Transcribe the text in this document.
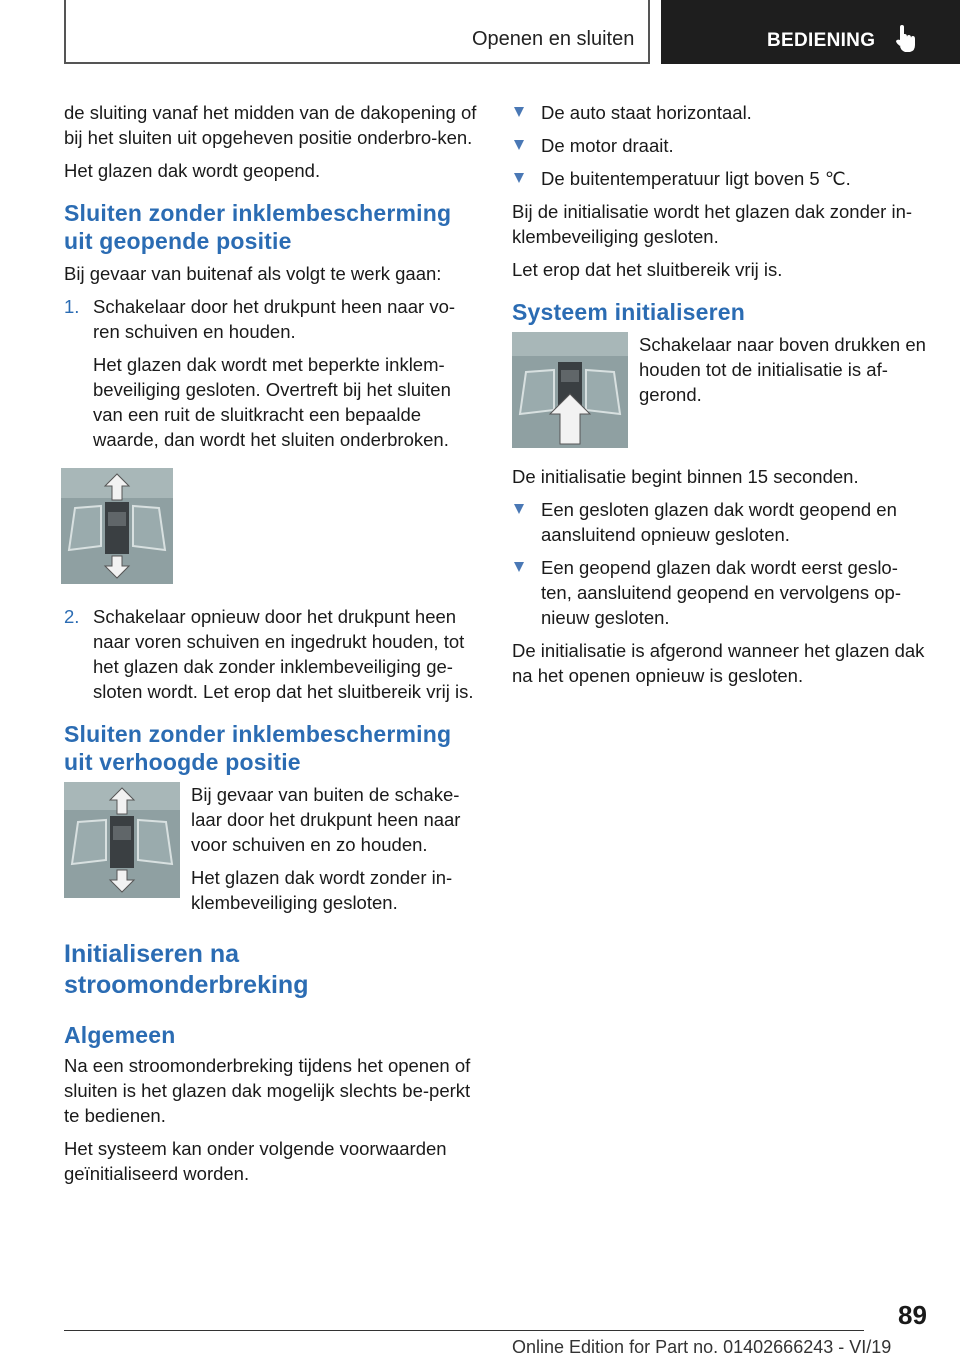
Openen en sluiten	BEDIENING

de sluiting vanaf het midden van de dakopening of bij het sluiten uit opgeheven positie onderbro-ken.

Het glazen dak wordt geopend.

Sluiten zonder inklembescherming uit geopende positie

Bij gevaar van buitenaf als volgt te werk gaan:

1. Schakelaar door het drukpunt heen naar vo-ren schuiven en houden.

Het glazen dak wordt met beperkte inklem-beveiliging gesloten. Overtreft bij het sluiten van een ruit de sluitkracht een bepaalde waarde, dan wordt het sluiten onderbroken.

2. Schakelaar opnieuw door het drukpunt heen naar voren schuiven en ingedrukt houden, tot het glazen dak zonder inklembeveiliging ge-sloten wordt. Let erop dat het sluitbereik vrij is.

Sluiten zonder inklembescherming uit verhoogde positie

Bij gevaar van buiten de schake-laar door het drukpunt heen naar voor schuiven en zo houden.

Het glazen dak wordt zonder in-klembeveiliging gesloten.

Initialiseren na stroomonderbreking

Algemeen

Na een stroomonderbreking tijdens het openen of sluiten is het glazen dak mogelijk slechts be-perkt te bedienen.

Het systeem kan onder volgende voorwaarden geïnitialiseerd worden.

De auto staat horizontaal.
De motor draait.
De buitentemperatuur ligt boven 5 ℃.

Bij de initialisatie wordt het glazen dak zonder in-klembeveiliging gesloten.

Let erop dat het sluitbereik vrij is.

Systeem initialiseren

Schakelaar naar boven drukken en houden tot de initialisatie is af-gerond.

De initialisatie begint binnen 15 seconden.

Een gesloten glazen dak wordt geopend en aansluitend opnieuw gesloten.
Een geopend glazen dak wordt eerst geslo-ten, aansluitend geopend en vervolgens op-nieuw gesloten.

De initialisatie is afgerond wanneer het glazen dak na het openen opnieuw is gesloten.

89
Online Edition for Part no. 01402666243 - VI/19
